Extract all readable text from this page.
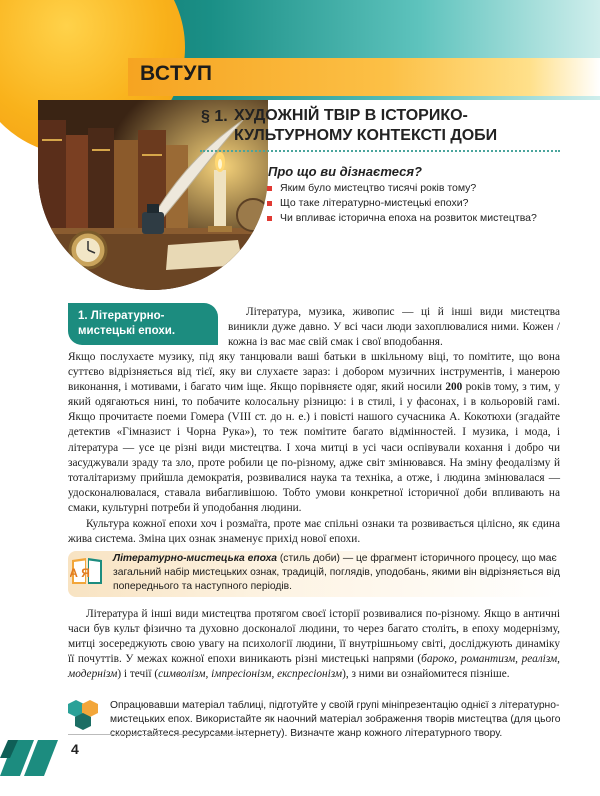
ВСТУП
§ 1. ХУДОЖНІЙ ТВІР В ІСТОРИКО-КУЛЬТУРНОМУ КОНТЕКСТІ ДОБИ
Про що ви дізнаєтеся?
Яким було мистецтво тисячі років тому?
Що таке літературно-мистецькі епохи?
Чи впливає історична епоха на розвиток мистецтва?
1. Літературно-мистецькі епохи.

Література, музика, живопис — ці й інші види мистецтва виникли дуже давно. У всі часи люди захоплювалися ними. Кожен / кожна із вас має свій смак і свої вподобання.

Якщо послухаєте музику, під яку танцювали ваші батьки в шкільному віці, то помітите, що вона суттєво відрізняється від тієї, яку ви слухаєте зараз: і добором музичних інструментів, і манерою виконання, і мотивами, і багато чим іще. Якщо порівняєте одяг, який носили 200 років тому, з тим, у який одягаються нині, то побачите колосальну різницю: і в стилі, і у фасонах, і в кольоровій гамі. Якщо прочитаєте поеми Гомера (VIII ст. до н. е.) і повісті нашого сучасника А. Кокотюхи (згадайте детектив «Гімназист і Чорна Рука»), то теж помітите багато відмінностей. І музика, і мода, і література — усе це різні види мистецтва. І хоча митці в усі часи оспівували кохання і добро чи засуджували зраду та зло, проте робили це по-різному, адже світ змінювався. На зміну феодалізму й тоталітаризму прийшла демократія, розвивалися наука та техніка, а отже, і людина змінювалася — удосконалювалася, ставала вибагливішою. Тобто умови конкретної історичної доби впливають на смаки, культурні потреби й уподобання людини.

Культура кожної епохи хоч і розмаїта, проте має спільні ознаки та розвивається цілісно, як єдина жива система. Зміна цих ознак знаменує прихід нової епохи.

А Я

Літературно-мистецька епоха (стиль доби) — це фрагмент історичного процесу, що має загальний набір мистецьких ознак, традицій, поглядів, уподобань, якими він відрізняється від попереднього та наступного періодів.

Література й інші види мистецтва протягом своєї історії розвивалися по-різному. Якщо в античні часи був культ фізично та духовно досконалої людини, то через багато століть, в епоху модернізму, митці зосереджують свою увагу на психології людини, її внутрішньому світі, досліджують динаміку її почуттів. У межах кожної епохи виникають різні мистецькі напрями (бароко, романтизм, реалізм, модернізм) і течії (символізм, імпресіонізм, експресіонізм), з ними ви ознайомитеся пізніше.

Опрацювавши матеріал таблиці, підготуйте у своїй групі мініпрезентацію однієї з літературно-мистецьких епох. Використайте як наочний матеріал зображення творів мистецтва (для цього скористайтеся ресурсами інтернету). Визначте жанр кожного літературного твору.

4
